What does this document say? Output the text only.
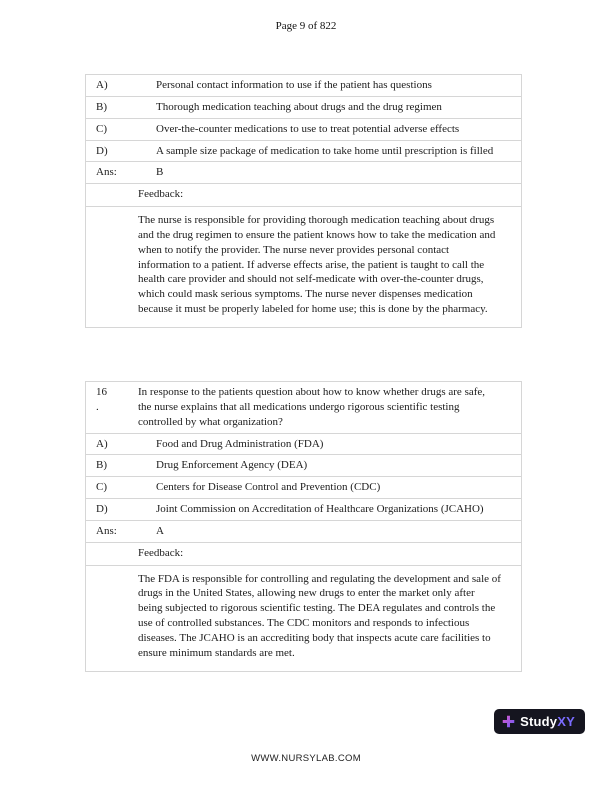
Page 9 of 822
A)	Personal contact information to use if the patient has questions
B)	Thorough medication teaching about drugs and the drug regimen
C)	Over-the-counter medications to use to treat potential adverse effects
D)	A sample size package of medication to take home until prescription is filled
Ans:	B
Feedback:
The nurse is responsible for providing thorough medication teaching about drugs and the drug regimen to ensure the patient knows how to take the medication and when to notify the provider. The nurse never provides personal contact information to a patient. If adverse effects arise, the patient is taught to call the health care provider and should not self-medicate with over-the-counter drugs, which could mask serious symptoms. The nurse never dispenses medication because it must be properly labeled for home use; this is done by the pharmacy.
16
.
In response to the patients question about how to know whether drugs are safe, the nurse explains that all medications undergo rigorous scientific testing controlled by what organization?
A)	Food and Drug Administration (FDA)
B)	Drug Enforcement Agency (DEA)
C)	Centers for Disease Control and Prevention (CDC)
D)	Joint Commission on Accreditation of Healthcare Organizations (JCAHO)
Ans:	A
Feedback:
The FDA is responsible for controlling and regulating the development and sale of drugs in the United States, allowing new drugs to enter the market only after being subjected to rigorous scientific testing. The DEA regulates and controls the use of controlled substances. The CDC monitors and responds to infectious diseases. The JCAHO is an accrediting body that inspects acute care facilities to ensure minimum standards are met.
StudyXY
WWW.NURSYLAB.COM
